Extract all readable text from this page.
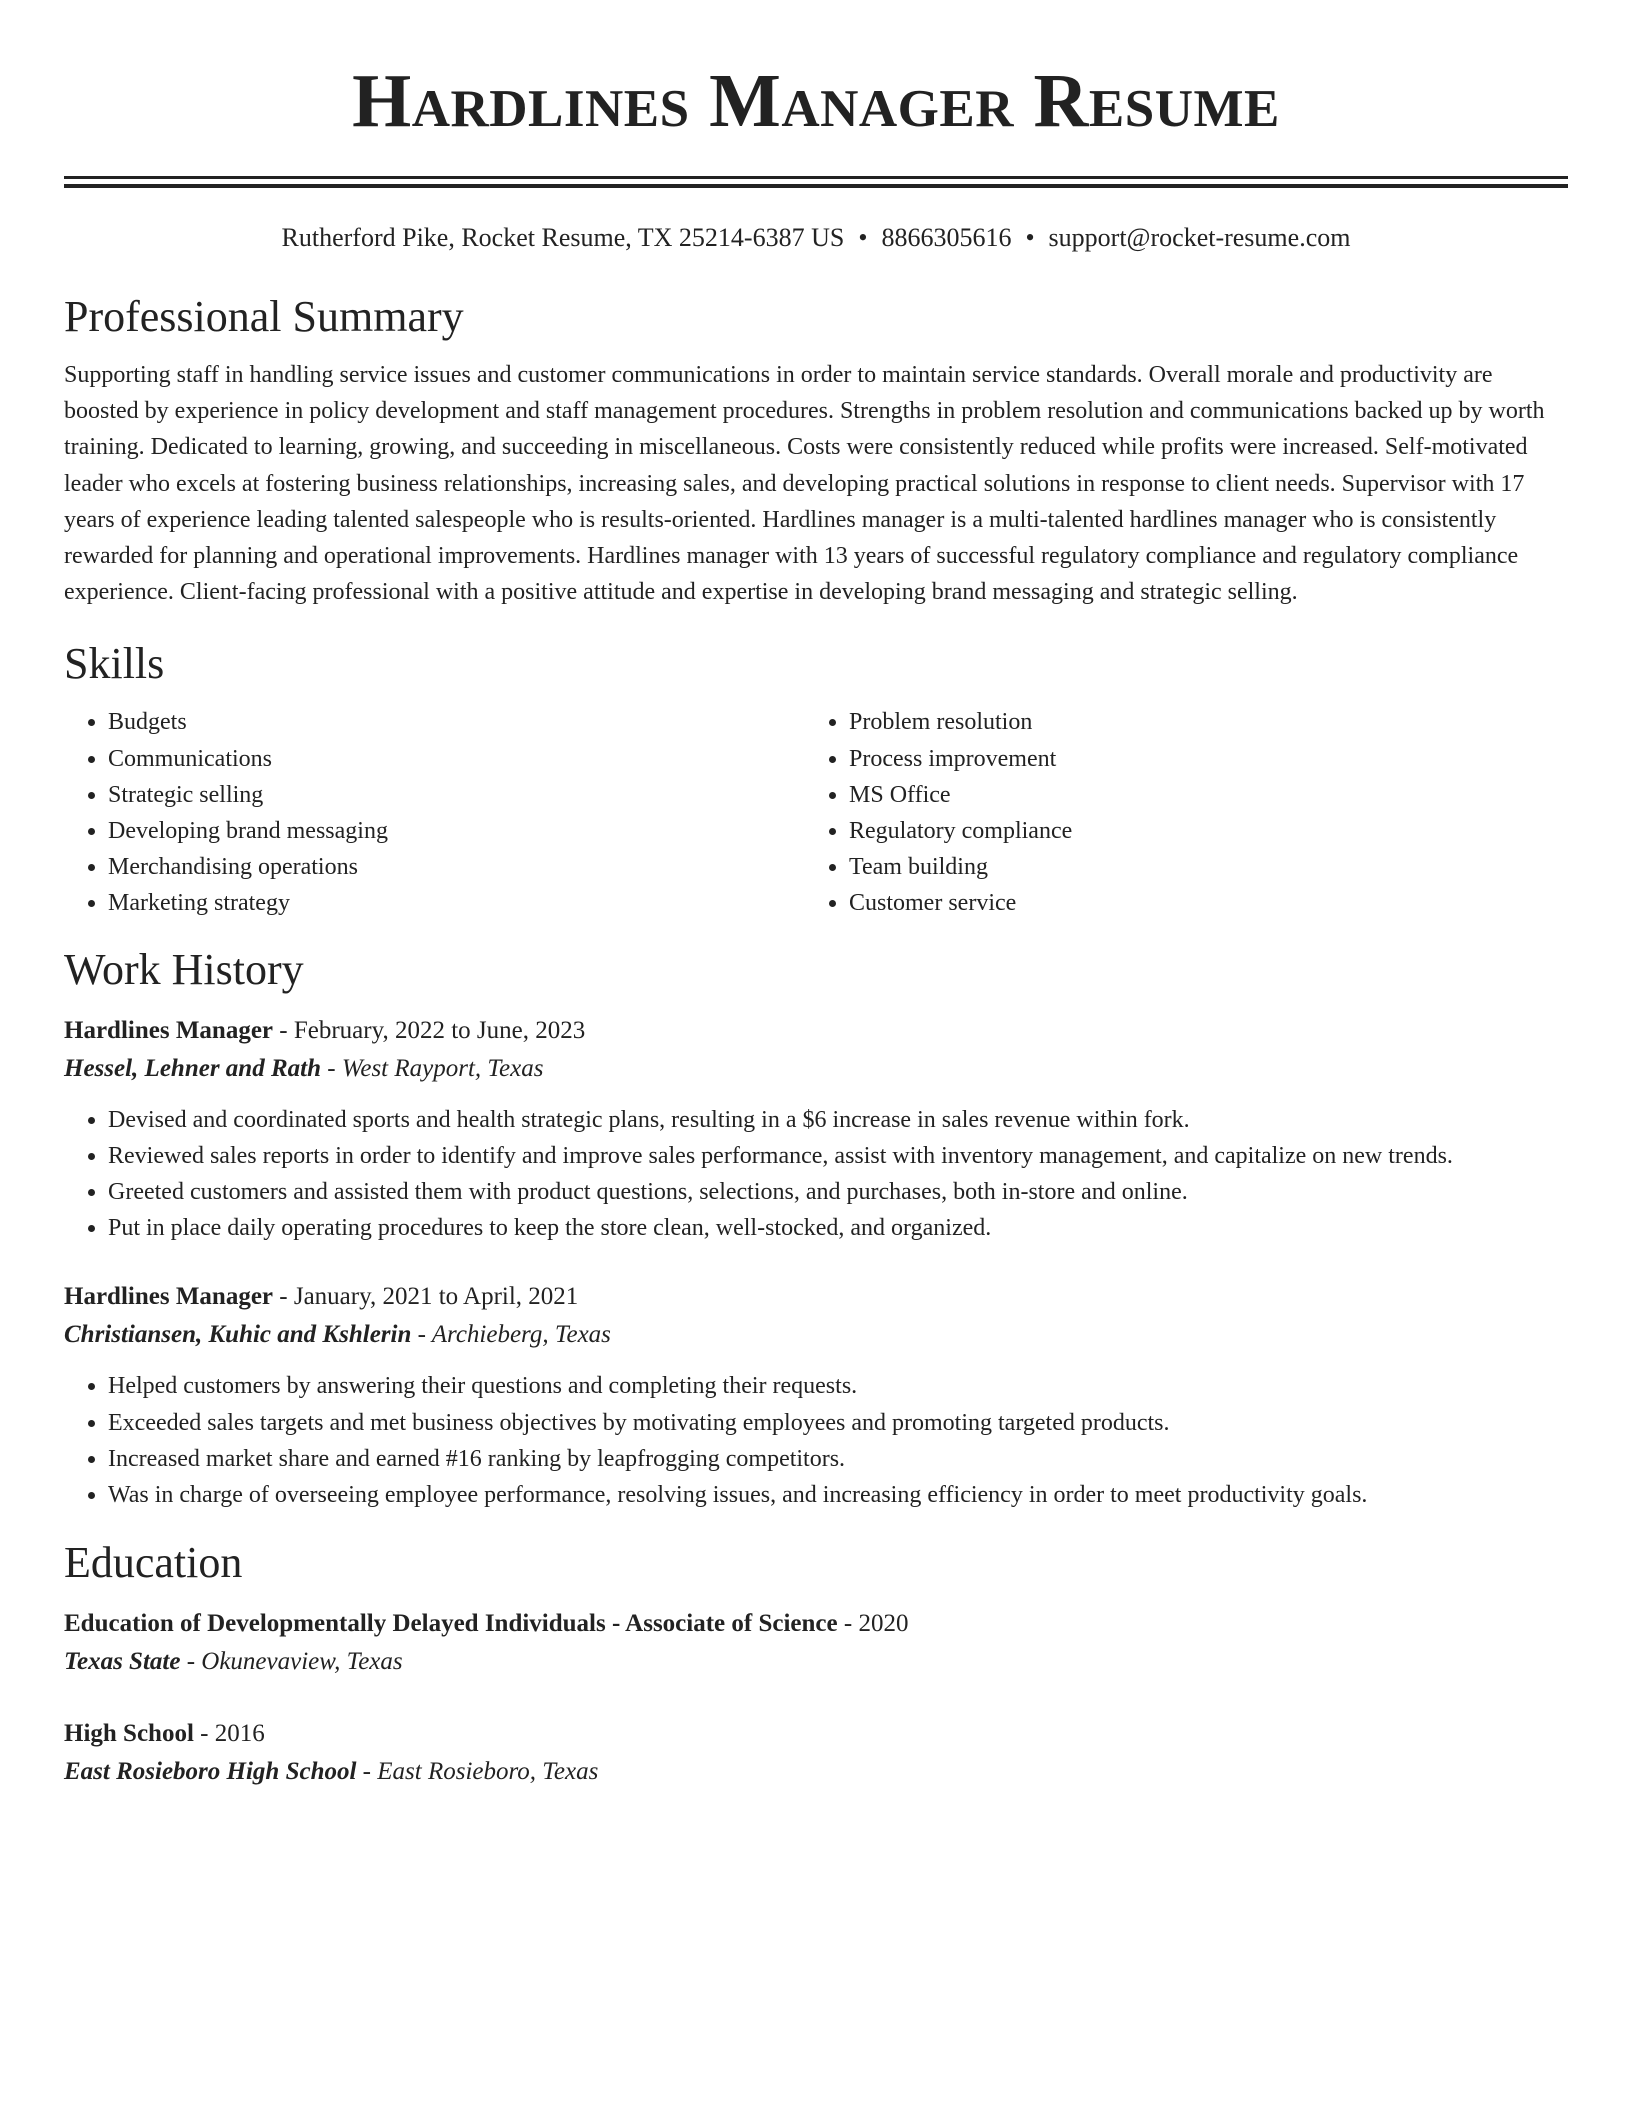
Hardlines Manager Resume
Rutherford Pike, Rocket Resume, TX 25214-6387 US • 8866305616 • support@rocket-resume.com
Professional Summary

Supporting staff in handling service issues and customer communications in order to maintain service standards. Overall morale and productivity are boosted by experience in policy development and staff management procedures. Strengths in problem resolution and communications backed up by worth training. Dedicated to learning, growing, and succeeding in miscellaneous. Costs were consistently reduced while profits were increased. Self-motivated leader who excels at fostering business relationships, increasing sales, and developing practical solutions in response to client needs. Supervisor with 17 years of experience leading talented salespeople who is results-oriented. Hardlines manager is a multi-talented hardlines manager who is consistently rewarded for planning and operational improvements. Hardlines manager with 13 years of successful regulatory compliance and regulatory compliance experience. Client-facing professional with a positive attitude and expertise in developing brand messaging and strategic selling.

Skills
• Budgets
• Communications
• Strategic selling
• Developing brand messaging
• Merchandising operations
• Marketing strategy
• Problem resolution
• Process improvement
• MS Office
• Regulatory compliance
• Team building
• Customer service
Work History
Hardlines Manager - February, 2022 to June, 2023
Hessel, Lehner and Rath - West Rayport, Texas
• Devised and coordinated sports and health strategic plans, resulting in a $6 increase in sales revenue within fork.
• Reviewed sales reports in order to identify and improve sales performance, assist with inventory management, and capitalize on new trends.
• Greeted customers and assisted them with product questions, selections, and purchases, both in-store and online.
• Put in place daily operating procedures to keep the store clean, well-stocked, and organized.
Hardlines Manager - January, 2021 to April, 2021
Christiansen, Kuhic and Kshlerin - Archieberg, Texas
• Helped customers by answering their questions and completing their requests.
• Exceeded sales targets and met business objectives by motivating employees and promoting targeted products.
• Increased market share and earned #16 ranking by leapfrogging competitors.
• Was in charge of overseeing employee performance, resolving issues, and increasing efficiency in order to meet productivity goals.
Education
Education of Developmentally Delayed Individuals - Associate of Science - 2020
Texas State - Okunevaview, Texas
High School - 2016
East Rosieboro High School - East Rosieboro, Texas
